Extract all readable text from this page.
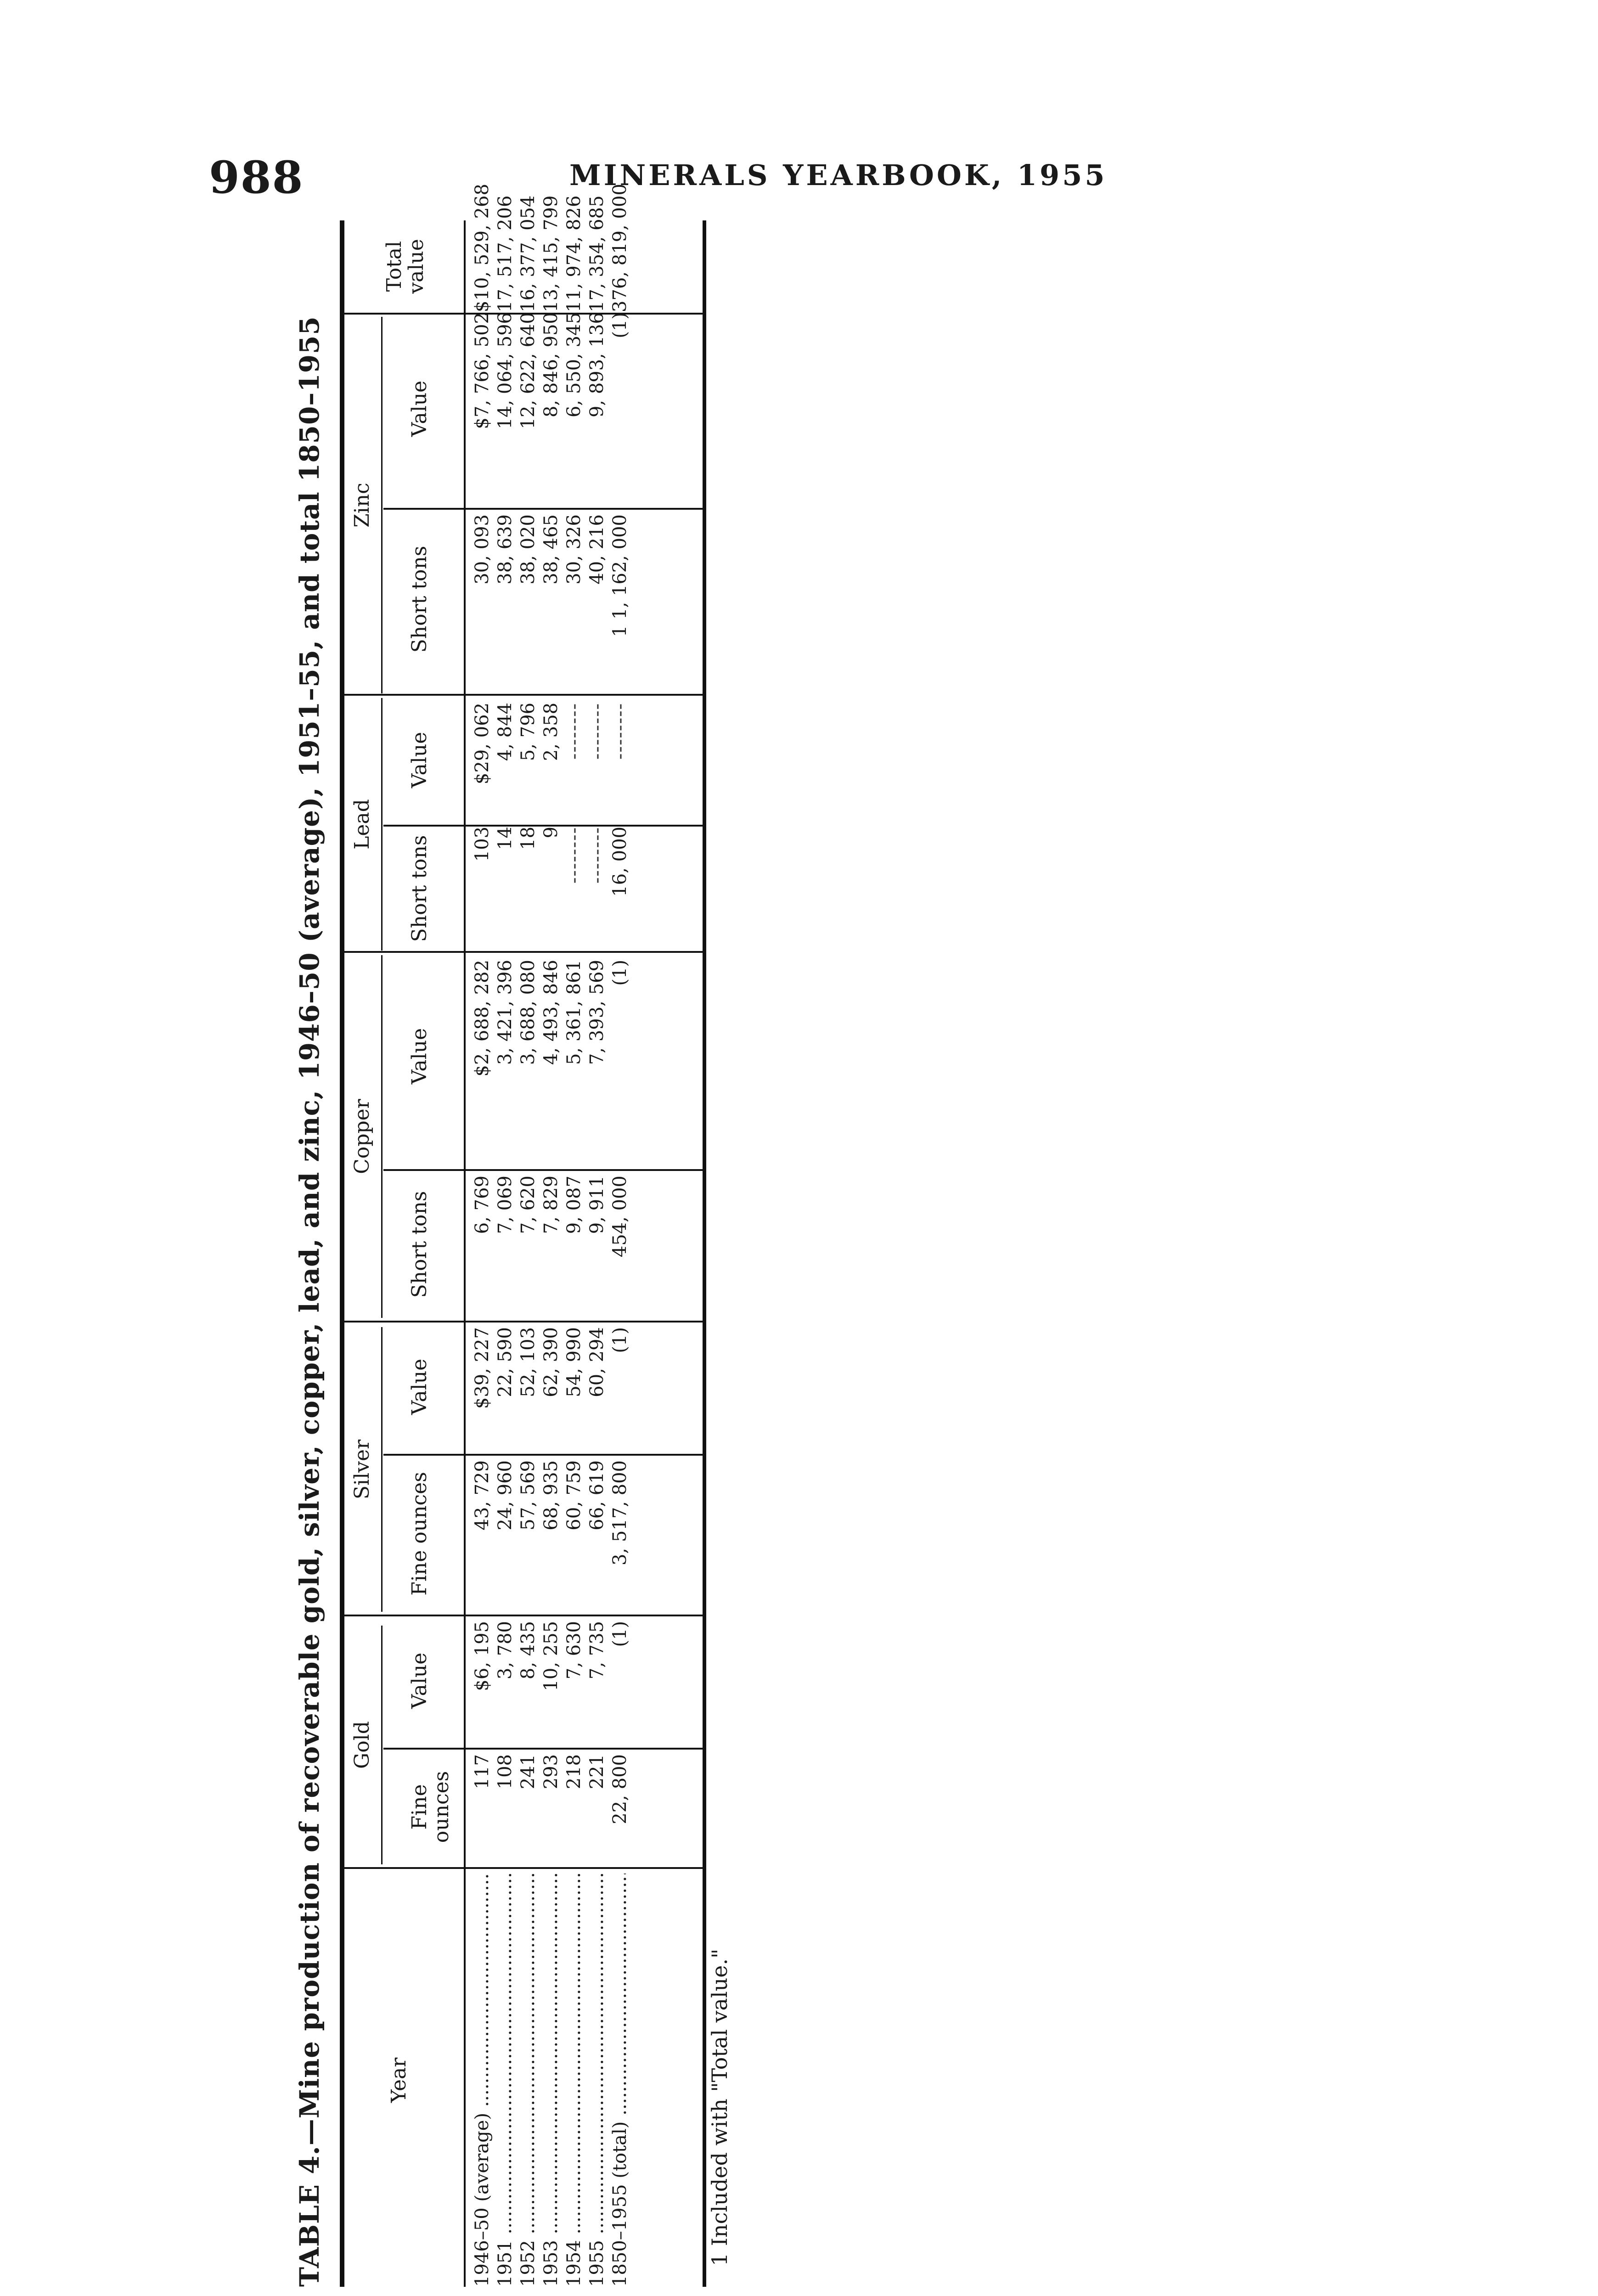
988	MINERALS YEARBOOK, 1955
TABLE 4.—Mine production of recoverable gold, silver, copper, lead, and zinc, 1946–50 (average), 1951–55, and total 1850–1955	Year
Gold
Fine ounces
Value
Silver
Fine ounces
Value
Copper
Short tons
Value
Lead
Short tons
Value
Zinc
Short tons
Value
Total value
1946–50 (average) .....
117
$6, 195
43, 729
$39, 227
6, 769
$2, 688, 282
103
$29, 062
30, 093
$7, 766, 502
$10, 529, 268
1951 .....
108
3, 780
24, 960
22, 590
7, 069
3, 421, 396
14
4, 844
38, 639
14, 064, 596
17, 517, 206
1952 .....
241
8, 435
57, 569
52, 103
7, 620
3, 688, 080
18
5, 796
38, 020
12, 622, 640
16, 377, 054
1953 .....
293
10, 255
68, 935
62, 390
7, 829
4, 493, 846
9
2, 358
38, 465
8, 846, 950
13, 415, 799
1954 .....
218
7, 630
60, 759
54, 990
9, 087
5, 361, 861
--------
--------
30, 326
6, 550, 345
11, 974, 826
1955 .....
221
7, 735
66, 619
60, 294
9, 911
7, 393, 569
--------
--------
40, 216
9, 893, 136
17, 354, 685
1850–1955 (total) .....
22, 800
(1)
3, 517, 800
(1)
454, 000
(1)
16, 000
--------
1 1, 162, 000
(1)
376, 819, 000
1 Included with "Total value."
